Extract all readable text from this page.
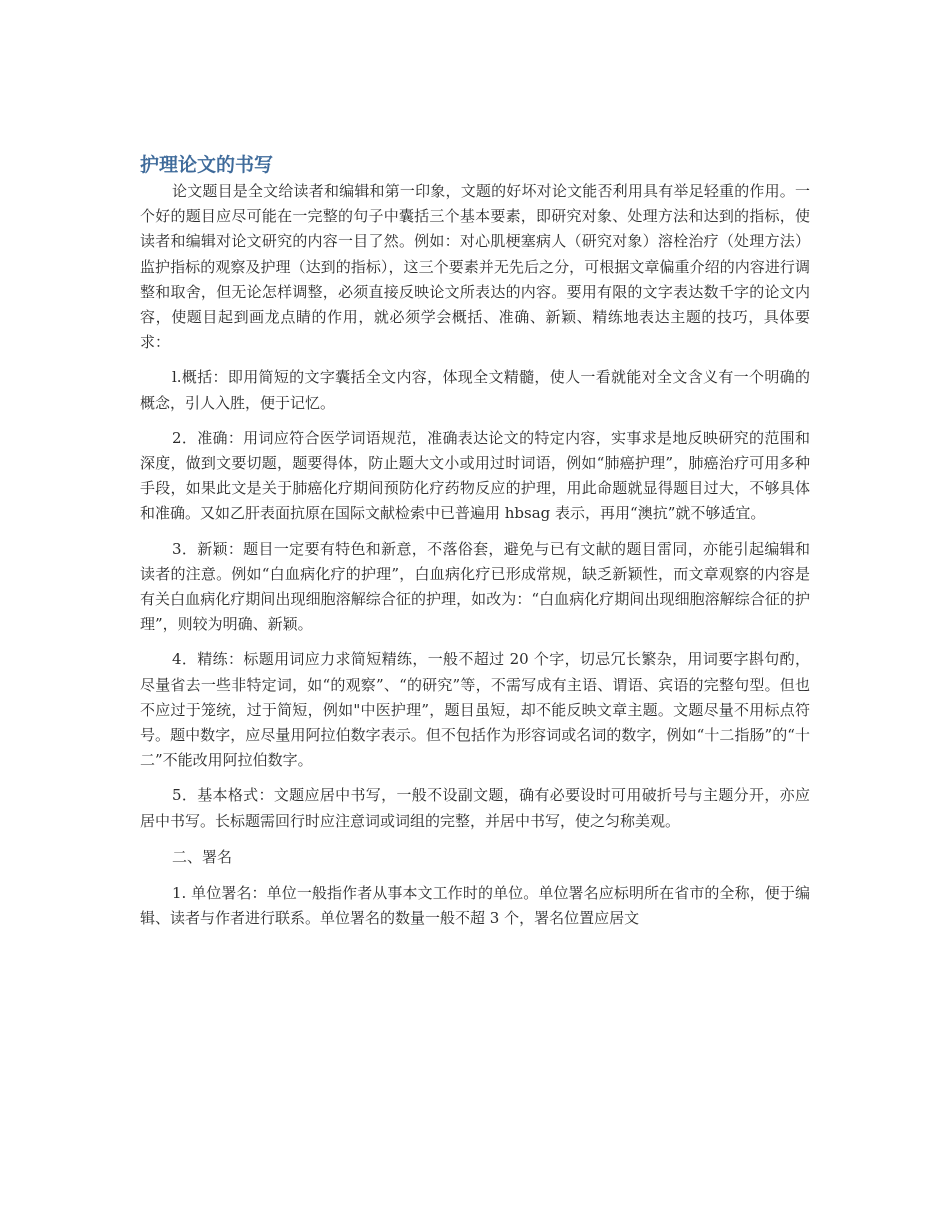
护理论文的书写

论文题目是全文给读者和编辑和第一印象，文题的好坏对论文能否利用具有举足轻重的作用。一个好的题目应尽可能在一完整的句子中囊括三个基本要素，即研究对象、处理方法和达到的指标，使读者和编辑对论文研究的内容一目了然。例如：对心肌梗塞病人（研究对象）溶栓治疗（处理方法）监护指标的观察及护理（达到的指标），这三个要素并无先后之分，可根据文章偏重介绍的内容进行调整和取舍，但无论怎样调整，必须直接反映论文所表达的内容。要用有限的文字表达数千字的论文内容，使题目起到画龙点睛的作用，就必须学会概括、准确、新颖、精练地表达主题的技巧，具体要求：

l.概括：即用简短的文字囊括全文内容，体现全文精髓，使人一看就能对全文含义有一个明确的概念，引人入胜，便于记忆。

2．准确：用词应符合医学词语规范，准确表达论文的特定内容，实事求是地反映研究的范围和深度，做到文要切题，题要得体，防止题大文小或用过时词语，例如“肺癌护理”，肺癌治疗可用多种手段，如果此文是关于肺癌化疗期间预防化疗药物反应的护理，用此命题就显得题目过大，不够具体和准确。又如乙肝表面抗原在国际文献检索中已普遍用 hbsag 表示，再用“澳抗”就不够适宜。

3．新颖：题目一定要有特色和新意，不落俗套，避免与已有文献的题目雷同，亦能引起编辑和读者的注意。例如“白血病化疗的护理”，白血病化疗已形成常规，缺乏新颖性，而文章观察的内容是有关白血病化疗期间出现细胞溶解综合征的护理，如改为：“白血病化疗期间出现细胞溶解综合征的护理”，则较为明确、新颖。

4．精练：标题用词应力求简短精练，一般不超过 20 个字，切忌冗长繁杂，用词要字斟句酌，尽量省去一些非特定词，如“的观察”、“的研究”等，不需写成有主语、谓语、宾语的完整句型。但也不应过于笼统，过于简短，例如"中医护理”，题目虽短，却不能反映文章主题。文题尽量不用标点符号。题中数字，应尽量用阿拉伯数字表示。但不包括作为形容词或名词的数字，例如“十二指肠”的“十二”不能改用阿拉伯数字。

5．基本格式：文题应居中书写，一般不设副文题，确有必要设时可用破折号与主题分开，亦应居中书写。长标题需回行时应注意词或词组的完整，并居中书写，使之匀称美观。

二、署名

1. 单位署名：单位一般指作者从事本文工作时的单位。单位署名应标明所在省市的全称，便于编辑、读者与作者进行联系。单位署名的数量一般不超 3 个，署名位置应居文
